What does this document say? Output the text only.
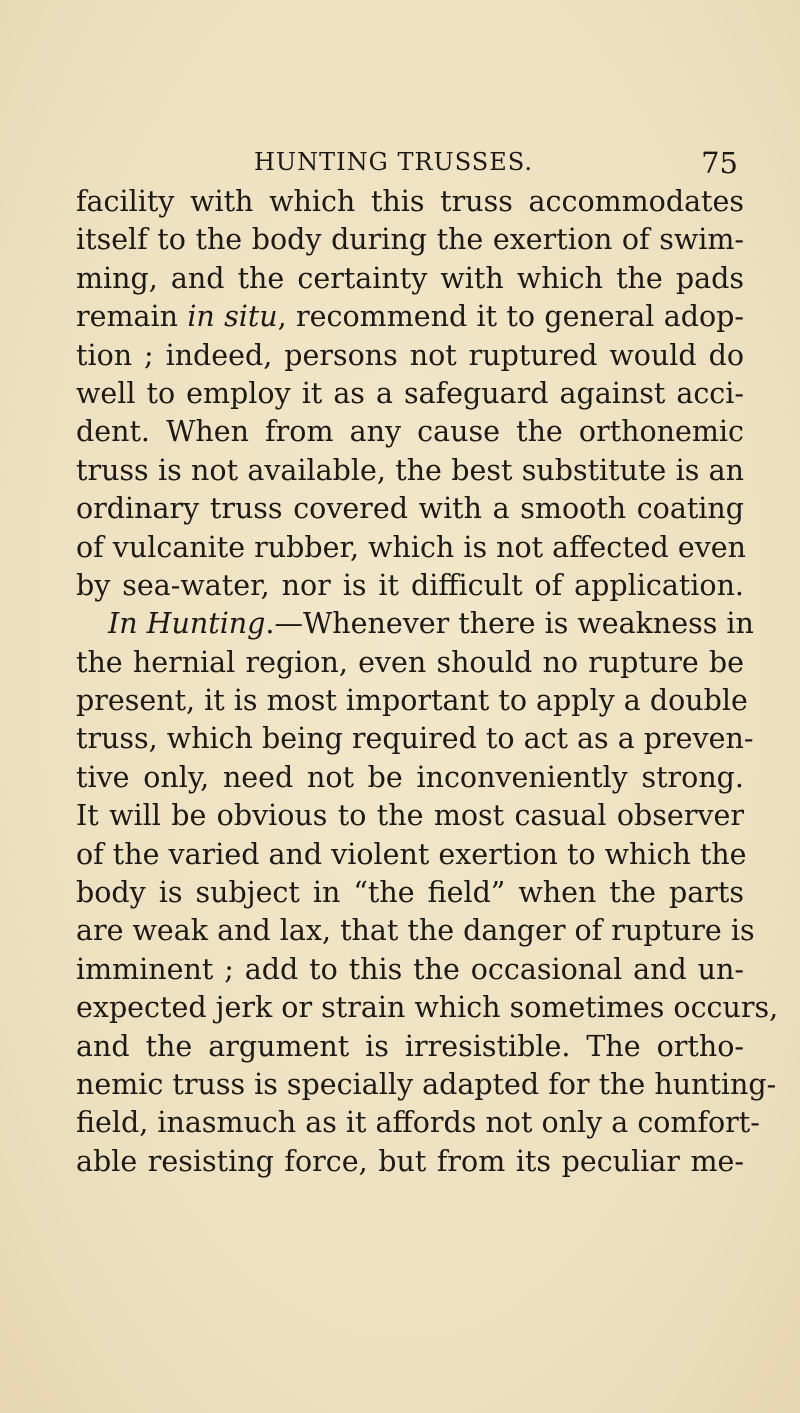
HUNTING TRUSSES.	75
facility with which this truss accommodates
itself to the body during the exertion of swim-
ming, and the certainty with which the pads
remain in situ, recommend it to general adop-
tion ; indeed, persons not ruptured would do
well to employ it as a safeguard against acci-
dent. When from any cause the orthonemic
truss is not available, the best substitute is an
ordinary truss covered with a smooth coating
of vulcanite rubber, which is not affected even
by sea-water, nor is it difficult of application.
In Hunting.—Whenever there is weakness in
the hernial region, even should no rupture be
present, it is most important to apply a double
truss, which being required to act as a preven-
tive only, need not be inconveniently strong.
It will be obvious to the most casual observer
of the varied and violent exertion to which the
body is subject in “the field” when the parts
are weak and lax, that the danger of rupture is
imminent ; add to this the occasional and un-
expected jerk or strain which sometimes occurs,
and the argument is irresistible. The ortho-
nemic truss is specially adapted for the hunting-
field, inasmuch as it affords not only a comfort-
able resisting force, but from its peculiar me-
